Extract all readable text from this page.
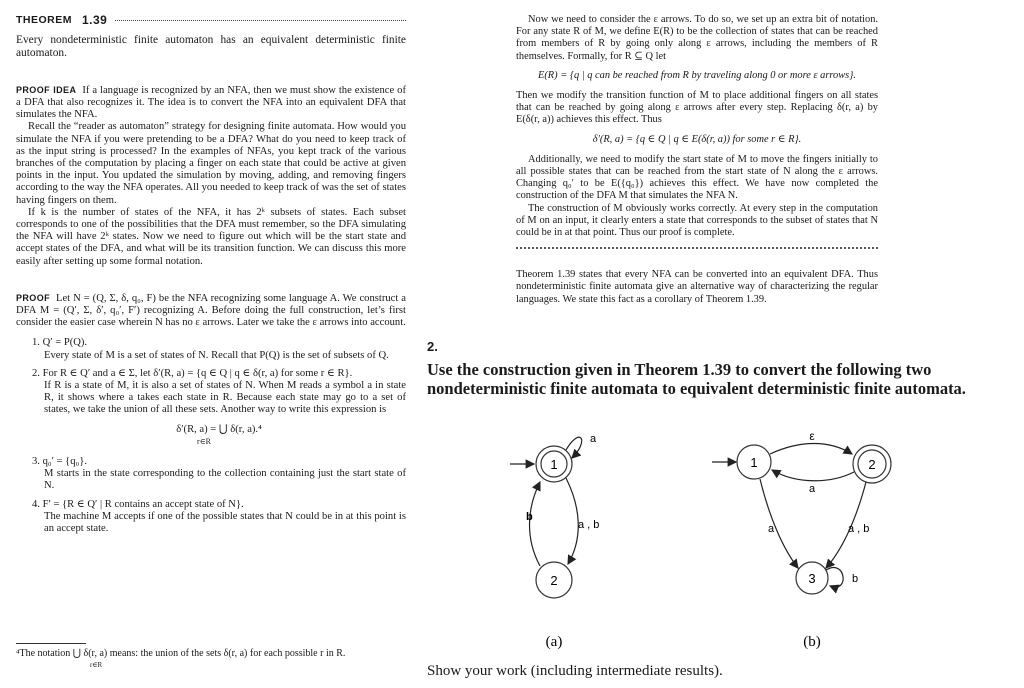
THEOREM 1.39

Every nondeterministic finite automaton has an equivalent deterministic finite automaton.

PROOF IDEA If a language is recognized by an NFA, then we must show the existence of a DFA that also recognizes it. The idea is to convert the NFA into an equivalent DFA that simulates the NFA.

Recall the “reader as automaton” strategy for designing finite automata. How would you simulate the NFA if you were pretending to be a DFA? What do you need to keep track of as the input string is processed? In the examples of NFAs, you kept track of the various branches of the computation by placing a finger on each state that could be active at given points in the input. You updated the simulation by moving, adding, and removing fingers according to the way the NFA operates. All you needed to keep track of was the set of states having fingers on them.

If k is the number of states of the NFA, it has 2ᵏ subsets of states. Each subset corresponds to one of the possibilities that the DFA must remember, so the DFA simulating the NFA will have 2ᵏ states. Now we need to figure out which will be the start state and accept states of the DFA, and what will be its transition function. We can discuss this more easily after setting up some formal notation.

PROOF Let N = (Q, Σ, δ, q₀, F) be the NFA recognizing some language A. We construct a DFA M = (Q′, Σ, δ′, q₀′, F′) recognizing A. Before doing the full construction, let’s first consider the easier case wherein N has no ε arrows. Later we take the ε arrows into account.

1. Q′ = P(Q).

Every state of M is a set of states of N. Recall that P(Q) is the set of subsets of Q.

2. For R ∈ Q′ and a ∈ Σ, let δ′(R, a) = {q ∈ Q | q ∈ δ(r, a) for some r ∈ R}.

If R is a state of M, it is also a set of states of N. When M reads a symbol a in state R, it shows where a takes each state in R. Because each state may go to a set of states, we take the union of all these sets. Another way to write this expression is

δ′(R, a) = ⋃ δ(r, a).⁴
r∈R
3. q₀′ = {q₀}.

M starts in the state corresponding to the collection containing just the start state of N.

4. F′ = {R ∈ Q′ | R contains an accept state of N}.

The machine M accepts if one of the possible states that N could be in at this point is an accept state.

⁴The notation ⋃ δ(r, a) means: the union of the sets δ(r, a) for each possible r in R.
r∈R

Now we need to consider the ε arrows. To do so, we set up an extra bit of notation. For any state R of M, we define E(R) to be the collection of states that can be reached from members of R by going only along ε arrows, including the members of R themselves. Formally, for R ⊆ Q let

E(R) = {q | q can be reached from R by traveling along 0 or more ε arrows}.

Then we modify the transition function of M to place additional fingers on all states that can be reached by going along ε arrows after every step. Replacing δ(r, a) by E(δ(r, a)) achieves this effect. Thus

δ′(R, a) = {q ∈ Q | q ∈ E(δ(r, a)) for some r ∈ R}.

Additionally, we need to modify the start state of M to move the fingers initially to all possible states that can be reached from the start state of N along the ε arrows. Changing q₀′ to be E({q₀}) achieves this effect. We have now completed the construction of the DFA M that simulates the NFA N.

The construction of M obviously works correctly. At every step in the computation of M on an input, it clearly enters a state that corresponds to the subset of states that N could be in at that point. Thus our proof is complete.

Theorem 1.39 states that every NFA can be converted into an equivalent DFA. Thus nondeterministic finite automata give an alternative way of characterizing the regular languages. We state this fact as a corollary of Theorem 1.39.

2.
Use the construction given in Theorem 1.39 to convert the following two nondeterministic finite automata to equivalent deterministic finite automata.
1
a
2
a , b
b
(a)
1	2
ε
a
3
a	a , b
b
(b)
Show your work (including intermediate results).
